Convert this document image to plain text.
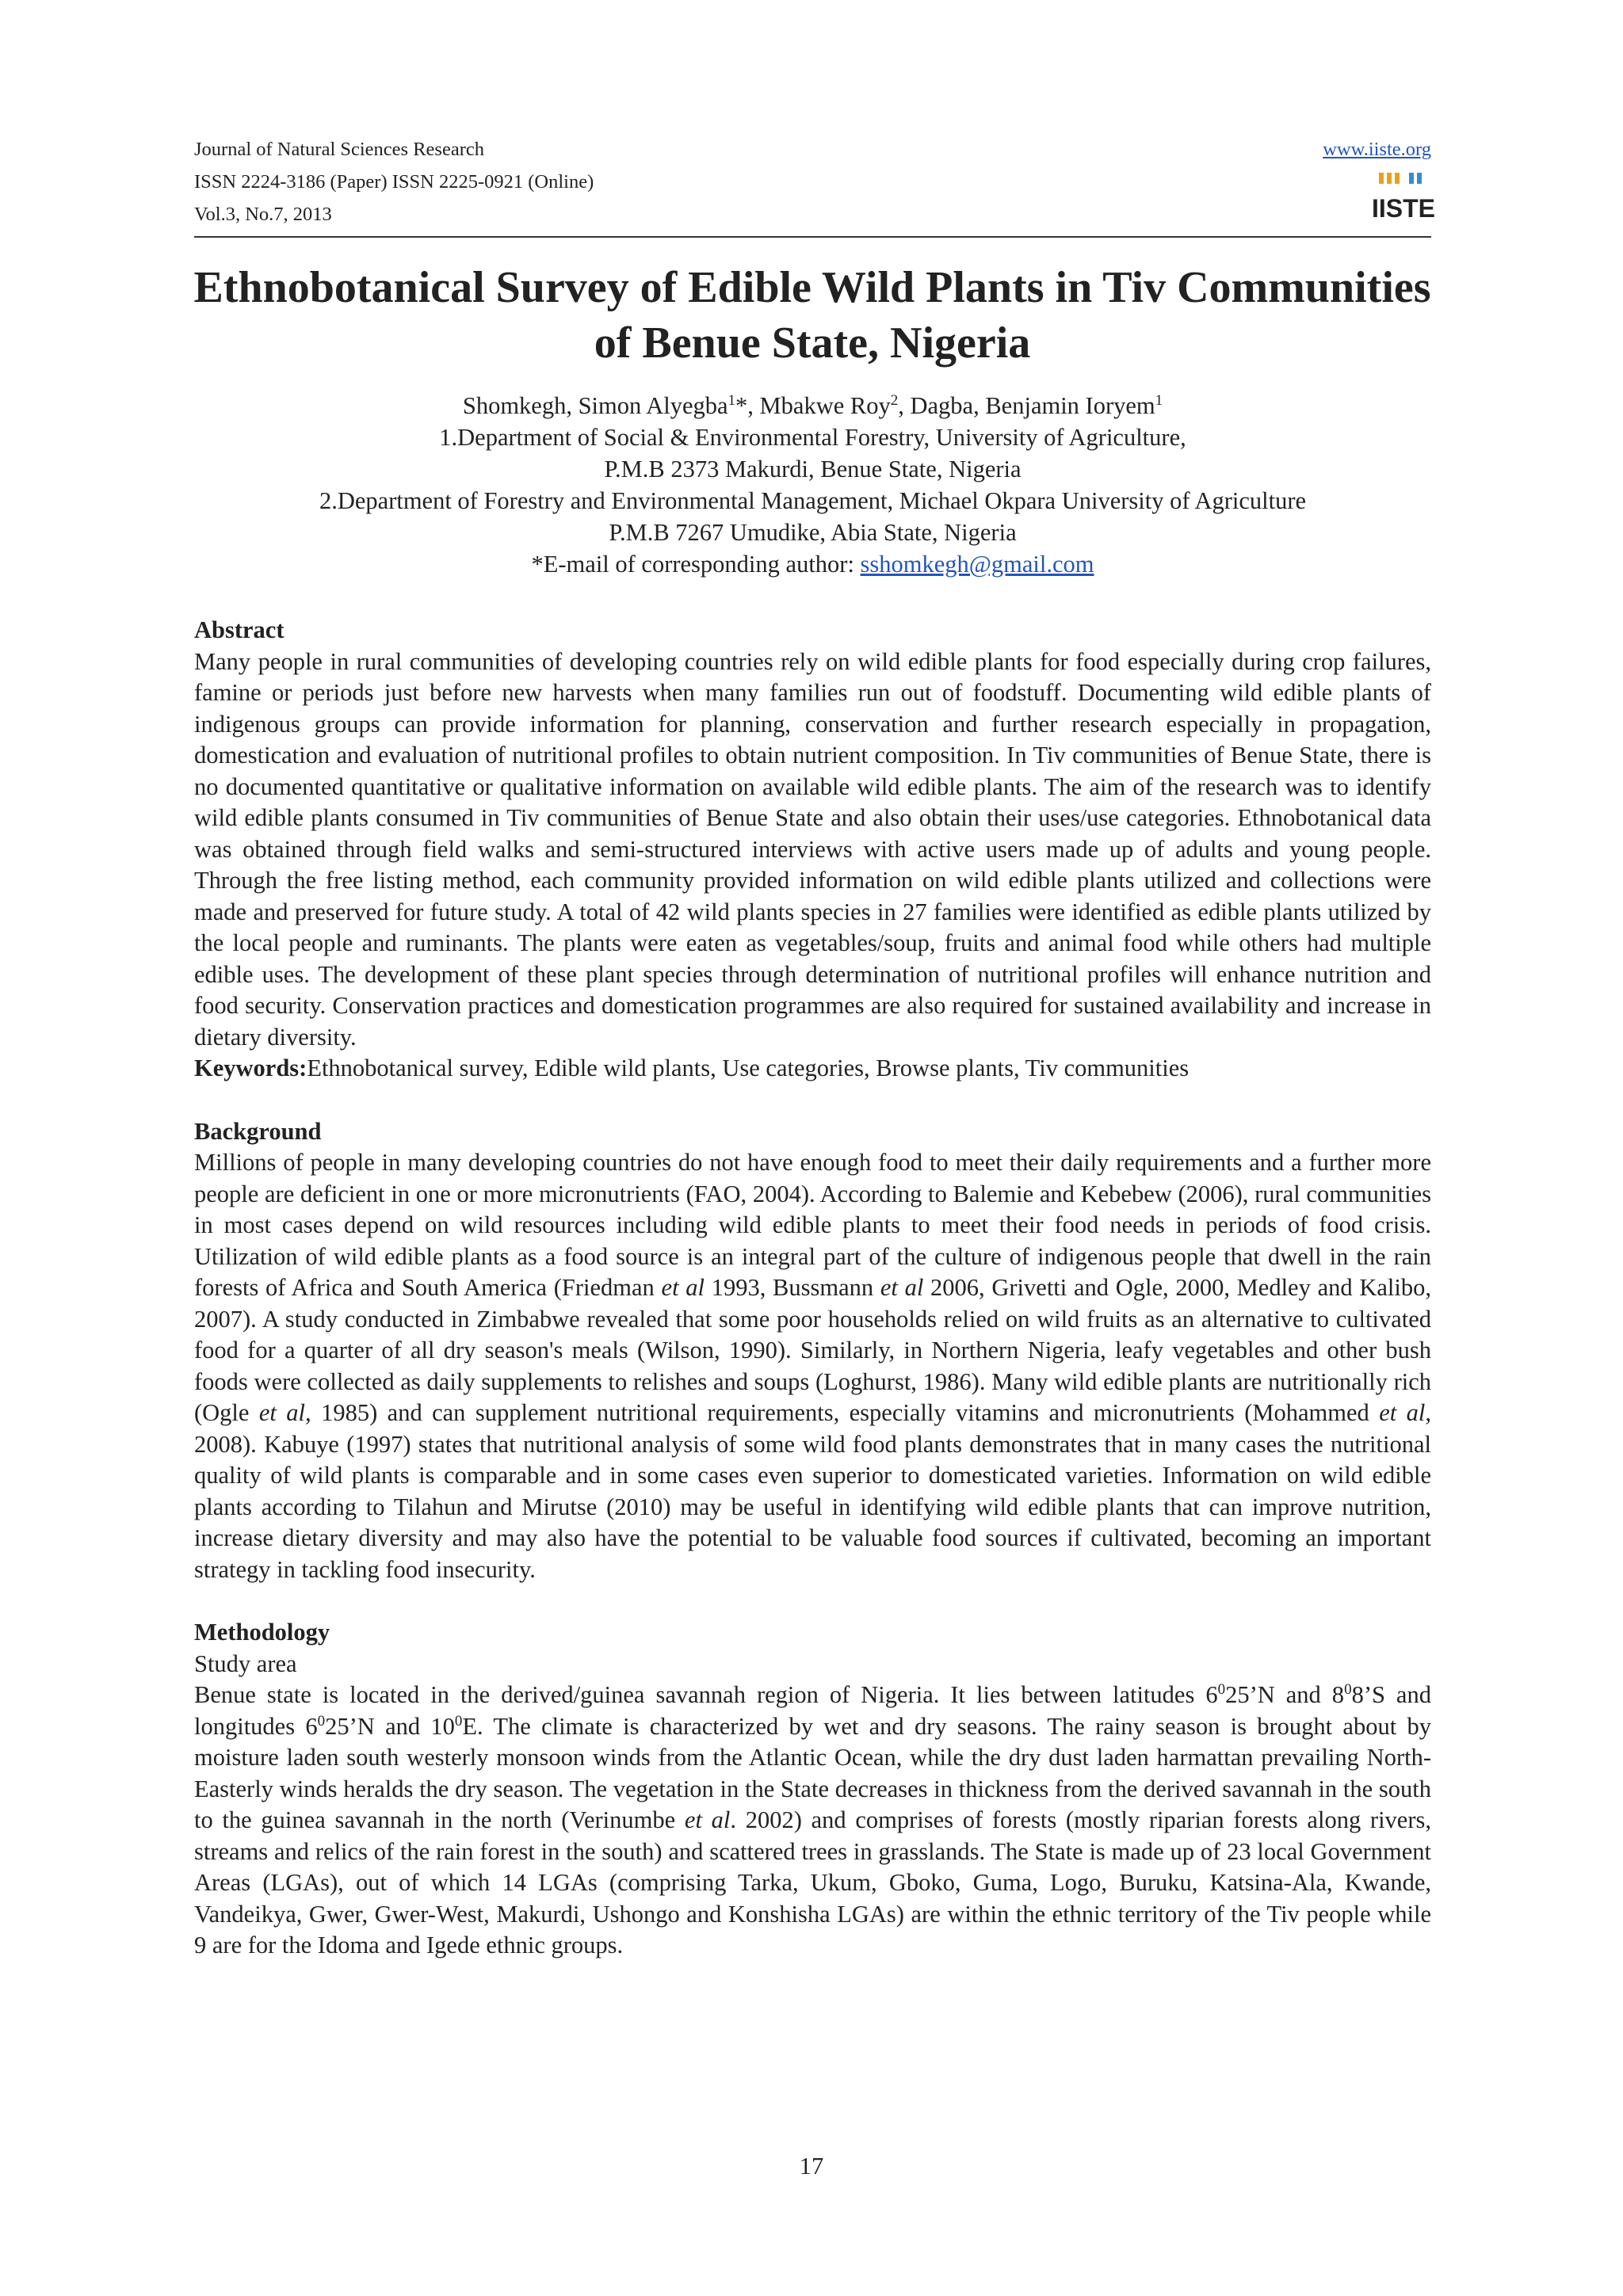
Journal of Natural Sciences Research
ISSN 2224-3186 (Paper) ISSN 2225-0921 (Online)
Vol.3, No.7, 2013
www.iiste.org
IISTE
Ethnobotanical Survey of Edible Wild Plants in Tiv Communities
of Benue State, Nigeria
Shomkegh, Simon Alyegba$^1$*, Mbakwe Roy$^2$, Dagba, Benjamin Ioryem$^1$
1.Department of Social & Environmental Forestry, University of Agriculture,
P.M.B 2373 Makurdi, Benue State, Nigeria
2.Department of Forestry and Environmental Management, Michael Okpara University of Agriculture
P.M.B 7267 Umudike, Abia State, Nigeria
*E-mail of corresponding author: sshomkegh@gmail.com
Abstract

Many people in rural communities of developing countries rely on wild edible plants for food especially during crop failures, famine or periods just before new harvests when many families run out of foodstuff. Documenting wild edible plants of indigenous groups can provide information for planning, conservation and further research especially in propagation, domestication and evaluation of nutritional profiles to obtain nutrient composition. In Tiv communities of Benue State, there is no documented quantitative or qualitative information on available wild edible plants. The aim of the research was to identify wild edible plants consumed in Tiv communities of Benue State and also obtain their uses/use categories. Ethnobotanical data was obtained through field walks and semi-structured interviews with active users made up of adults and young people. Through the free listing method, each community provided information on wild edible plants utilized and collections were made and preserved for future study. A total of 42 wild plants species in 27 families were identified as edible plants utilized by the local people and ruminants. The plants were eaten as vegetables/soup, fruits and animal food while others had multiple edible uses. The development of these plant species through determination of nutritional profiles will enhance nutrition and food security. Conservation practices and domestication programmes are also required for sustained availability and increase in dietary diversity.

Keywords:Ethnobotanical survey, Edible wild plants, Use categories, Browse plants, Tiv communities

Background

Millions of people in many developing countries do not have enough food to meet their daily requirements and a further more people are deficient in one or more micronutrients (FAO, 2004). According to Balemie and Kebebew (2006), rural communities in most cases depend on wild resources including wild edible plants to meet their food needs in periods of food crisis. Utilization of wild edible plants as a food source is an integral part of the culture of indigenous people that dwell in the rain forests of Africa and South America (Friedman et al 1993, Bussmann et al 2006, Grivetti and Ogle, 2000, Medley and Kalibo, 2007). A study conducted in Zimbabwe revealed that some poor households relied on wild fruits as an alternative to cultivated food for a quarter of all dry season's meals (Wilson, 1990). Similarly, in Northern Nigeria, leafy vegetables and other bush foods were collected as daily supplements to relishes and soups (Loghurst, 1986). Many wild edible plants are nutritionally rich (Ogle et al, 1985) and can supplement nutritional requirements, especially vitamins and micronutrients (Mohammed et al, 2008). Kabuye (1997) states that nutritional analysis of some wild food plants demonstrates that in many cases the nutritional quality of wild plants is comparable and in some cases even superior to domesticated varieties. Information on wild edible plants according to Tilahun and Mirutse (2010) may be useful in identifying wild edible plants that can improve nutrition, increase dietary diversity and may also have the potential to be valuable food sources if cultivated, becoming an important strategy in tackling food insecurity.

Methodology

Study area

Benue state is located in the derived/guinea savannah region of Nigeria. It lies between latitudes $6^025’N$ and $8^08’S$ and longitudes $6^025’N$ and $10^0E$. The climate is characterized by wet and dry seasons. The rainy season is brought about by moisture laden south westerly monsoon winds from the Atlantic Ocean, while the dry dust laden harmattan prevailing North- Easterly winds heralds the dry season. The vegetation in the State decreases in thickness from the derived savannah in the south to the guinea savannah in the north (Verinumbe et al. 2002) and comprises of forests (mostly riparian forests along rivers, streams and relics of the rain forest in the south) and scattered trees in grasslands. The State is made up of 23 local Government Areas (LGAs), out of which 14 LGAs (comprising Tarka, Ukum, Gboko, Guma, Logo, Buruku, Katsina-Ala, Kwande, Vandeikya, Gwer, Gwer-West, Makurdi, Ushongo and Konshisha LGAs) are within the ethnic territory of the Tiv people while 9 are for the Idoma and Igede ethnic groups.

17
